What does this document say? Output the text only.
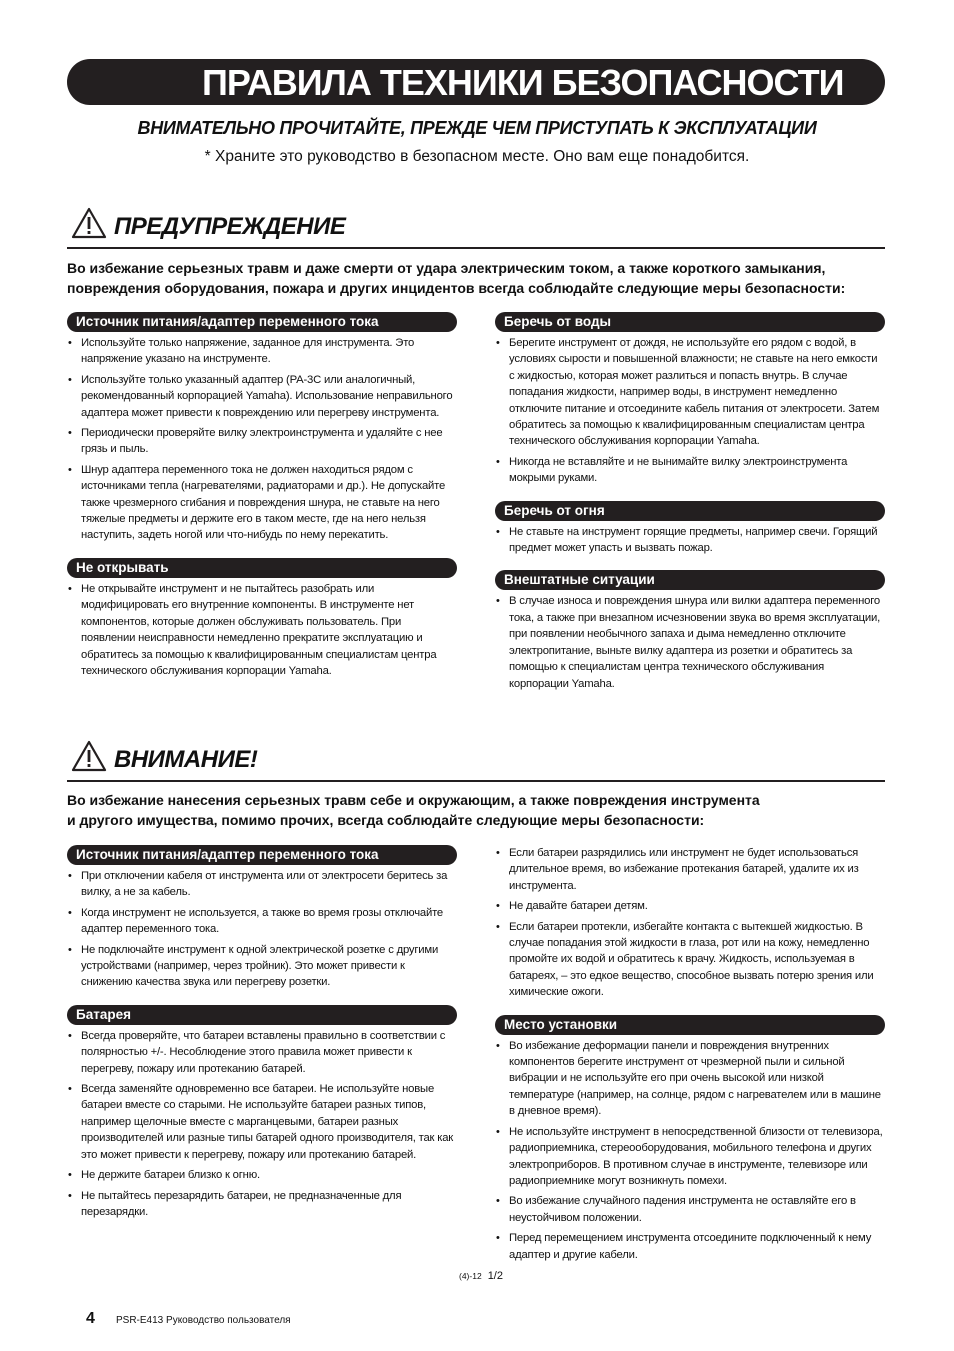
ПРАВИЛА ТЕХНИКИ БЕЗОПАСНОСТИ
ВНИМАТЕЛЬНО ПРОЧИТАЙТЕ, ПРЕЖДЕ ЧЕМ ПРИСТУПАТЬ К ЭКСПЛУАТАЦИИ
* Храните это руководство в безопасном месте. Оно вам еще понадобится.
ПРЕДУПРЕЖДЕНИЕ
Во избежание серьезных травм и даже смерти от удара электрическим током, а также короткого замыкания,
повреждения оборудования, пожара и других инцидентов всегда соблюдайте следующие меры безопасности:
Источник питания/адаптер переменного тока
• Используйте только напряжение, заданное для инструмента. Это напряжение указано на инструменте.
• Используйте только указанный адаптер (PA-3C или аналогичный, рекомендованный корпорацией Yamaha). Использование неправильного адаптера может привести к повреждению или перегреву инструмента.
• Периодически проверяйте вилку электроинструмента и удаляйте с нее грязь и пыль.
• Шнур адаптера переменного тока не должен находиться рядом с источниками тепла (нагревателями, радиаторами и др.). Не допускайте также чрезмерного сгибания и повреждения шнура, не ставьте на него тяжелые предметы и держите его в таком месте, где на него нельзя наступить, задеть ногой или что-нибудь по нему перекатить.
Не открывать
• Не открывайте инструмент и не пытайтесь разобрать или модифицировать его внутренние компоненты. В инструменте нет компонентов, которые должен обслуживать пользователь. При появлении неисправности немедленно прекратите эксплуатацию и обратитесь за помощью к квалифицированным специалистам центра технического обслуживания корпорации Yamaha.
Беречь от воды
• Берегите инструмент от дождя, не используйте его рядом с водой, в условиях сырости и повышенной влажности; не ставьте на него емкости с жидкостью, которая может разлиться и попасть внутрь. В случае попадания жидкости, например воды, в инструмент немедленно отключите питание и отсоедините кабель питания от электросети. Затем обратитесь за помощью к квалифицированным специалистам центра технического обслуживания корпорации Yamaha.
• Никогда не вставляйте и не вынимайте вилку электроинструмента мокрыми руками.
Беречь от огня
• Не ставьте на инструмент горящие предметы, например свечи. Горящий предмет может упасть и вызвать пожар.
Внештатные ситуации
• В случае износа и повреждения шнура или вилки адаптера переменного тока, а также при внезапном исчезновении звука во время эксплуатации, при появлении необычного запаха и дыма немедленно отключите электропитание, выньте вилку адаптера из розетки и обратитесь за помощью к специалистам центра технического обслуживания корпорации Yamaha.
ВНИМАНИЕ!
Во избежание нанесения серьезных травм себе и окружающим, а также повреждения инструмента
и другого имущества, помимо прочих, всегда соблюдайте следующие меры безопасности:
Источник питания/адаптер переменного тока
• При отключении кабеля от инструмента или от электросети беритесь за вилку, а не за кабель.
• Когда инструмент не используется, а также во время грозы отключайте адаптер переменного тока.
• Не подключайте инструмент к одной электрической розетке с другими устройствами (например, через тройник). Это может привести к снижению качества звука или перегреву розетки.
Батарея
• Всегда проверяйте, что батареи вставлены правильно в соответствии с полярностью +/-. Несоблюдение этого правила может привести к перегреву, пожару или протеканию батарей.
• Всегда заменяйте одновременно все батареи. Не используйте новые батареи вместе со старыми. Не используйте батареи разных типов, например щелочные вместе с марганцевыми, батареи разных производителей или разные типы батарей одного производителя, так как это может привести к перегреву, пожару или протеканию батарей.
• Не держите батареи близко к огню.
• Не пытайтесь перезарядить батареи, не предназначенные для перезарядки.
• Если батареи разрядились или инструмент не будет использоваться длительное время, во избежание протекания батарей, удалите их из инструмента.
• Не давайте батареи детям.
• Если батареи протекли, избегайте контакта с вытекшей жидкостью. В случае попадания этой жидкости в глаза, рот или на кожу, немедленно промойте их водой и обратитесь к врачу. Жидкость, используемая в батареях, – это едкое вещество, способное вызвать потерю зрения или химические ожоги.
Место установки
• Во избежание деформации панели и повреждения внутренних компонентов берегите инструмент от чрезмерной пыли и сильной вибрации и не используйте его при очень высокой или низкой температуре (например, на солнце, рядом с нагревателем или в машине в дневное время).
• Не используйте инструмент в непосредственной близости от телевизора, радиоприемника, стереооборудования, мобильного телефона и других электроприборов. В противном случае в инструменте, телевизоре или радиоприемнике могут возникнуть помехи.
• Во избежание случайного падения инструмента не оставляйте его в неустойчивом положении.
• Перед перемещением инструмента отсоедините подключенный к нему адаптер и другие кабели.
(4)-12 1/2
4 PSR-E413 Руководство пользователя
